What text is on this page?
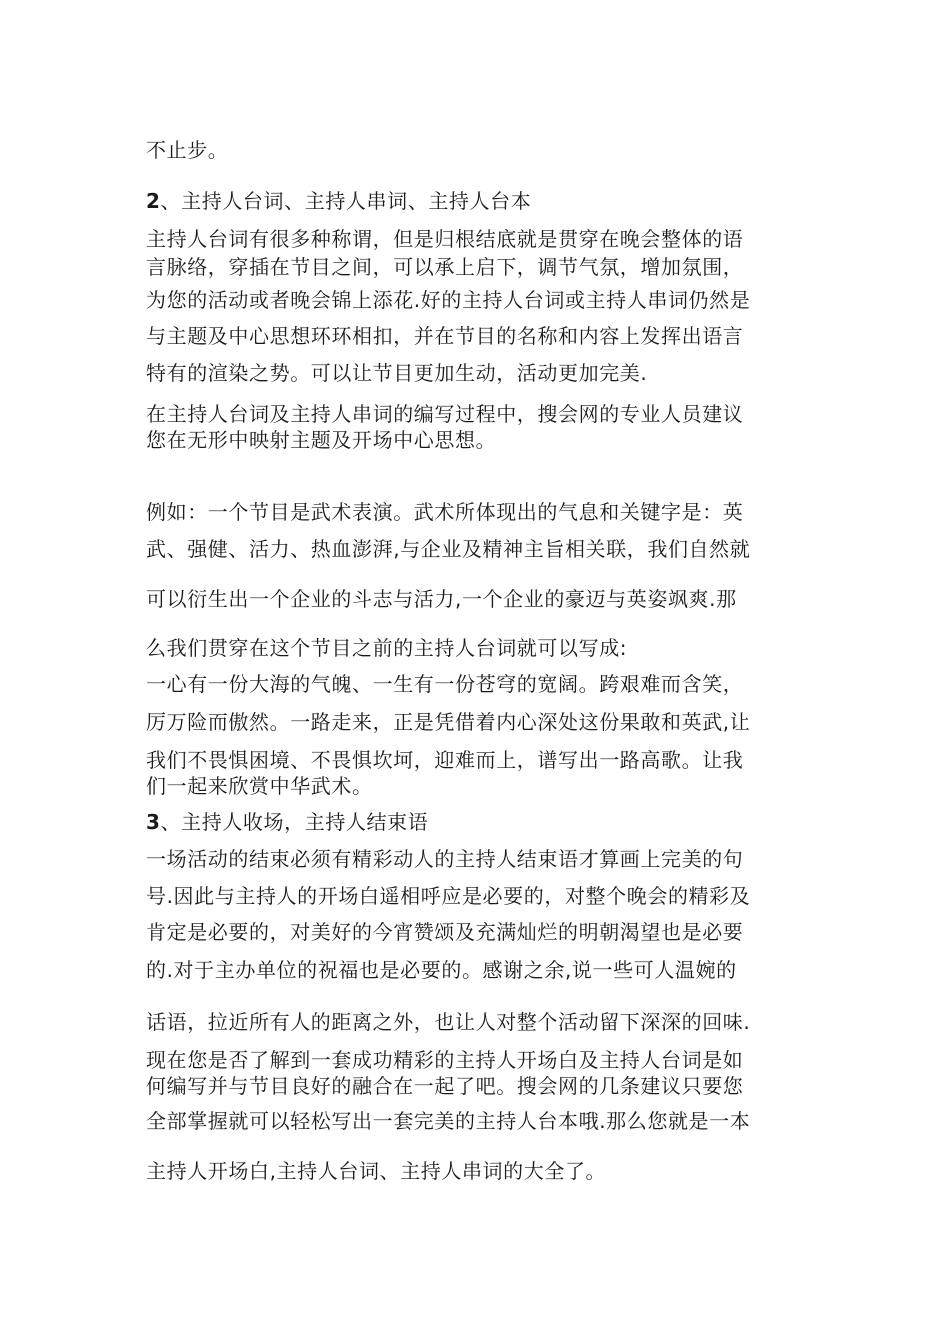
不止步。
2、主持人台词、主持人串词、主持人台本
主持人台词有很多种称谓，但是归根结底就是贯穿在晚会整体的语
言脉络，穿插在节目之间，可以承上启下，调节气氛，增加氛围，
为您的活动或者晚会锦上添花.好的主持人台词或主持人串词仍然是
与主题及中心思想环环相扣，并在节目的名称和内容上发挥出语言
特有的渲染之势。可以让节目更加生动，活动更加完美.
在主持人台词及主持人串词的编写过程中，搜会网的专业人员建议
您在无形中映射主题及开场中心思想。
例如：一个节目是武术表演。武术所体现出的气息和关键字是：英
武、强健、活力、热血澎湃,与企业及精神主旨相关联，我们自然就
可以衍生出一个企业的斗志与活力,一个企业的豪迈与英姿飒爽.那
么我们贯穿在这个节目之前的主持人台词就可以写成:
一心有一份大海的气魄、一生有一份苍穹的宽阔。跨艰难而含笑，
厉万险而傲然。一路走来，正是凭借着内心深处这份果敢和英武,让
我们不畏惧困境、不畏惧坎坷，迎难而上，谱写出一路高歌。让我
们一起来欣赏中华武术。
3、主持人收场，主持人结束语
一场活动的结束必须有精彩动人的主持人结束语才算画上完美的句
号.因此与主持人的开场白遥相呼应是必要的，对整个晚会的精彩及
肯定是必要的，对美好的今宵赞颂及充满灿烂的明朝渴望也是必要
的.对于主办单位的祝福也是必要的。感谢之余,说一些可人温婉的
话语，拉近所有人的距离之外，也让人对整个活动留下深深的回味.
现在您是否了解到一套成功精彩的主持人开场白及主持人台词是如
何编写并与节目良好的融合在一起了吧。搜会网的几条建议只要您
全部掌握就可以轻松写出一套完美的主持人台本哦.那么您就是一本
主持人开场白,主持人台词、主持人串词的大全了。
